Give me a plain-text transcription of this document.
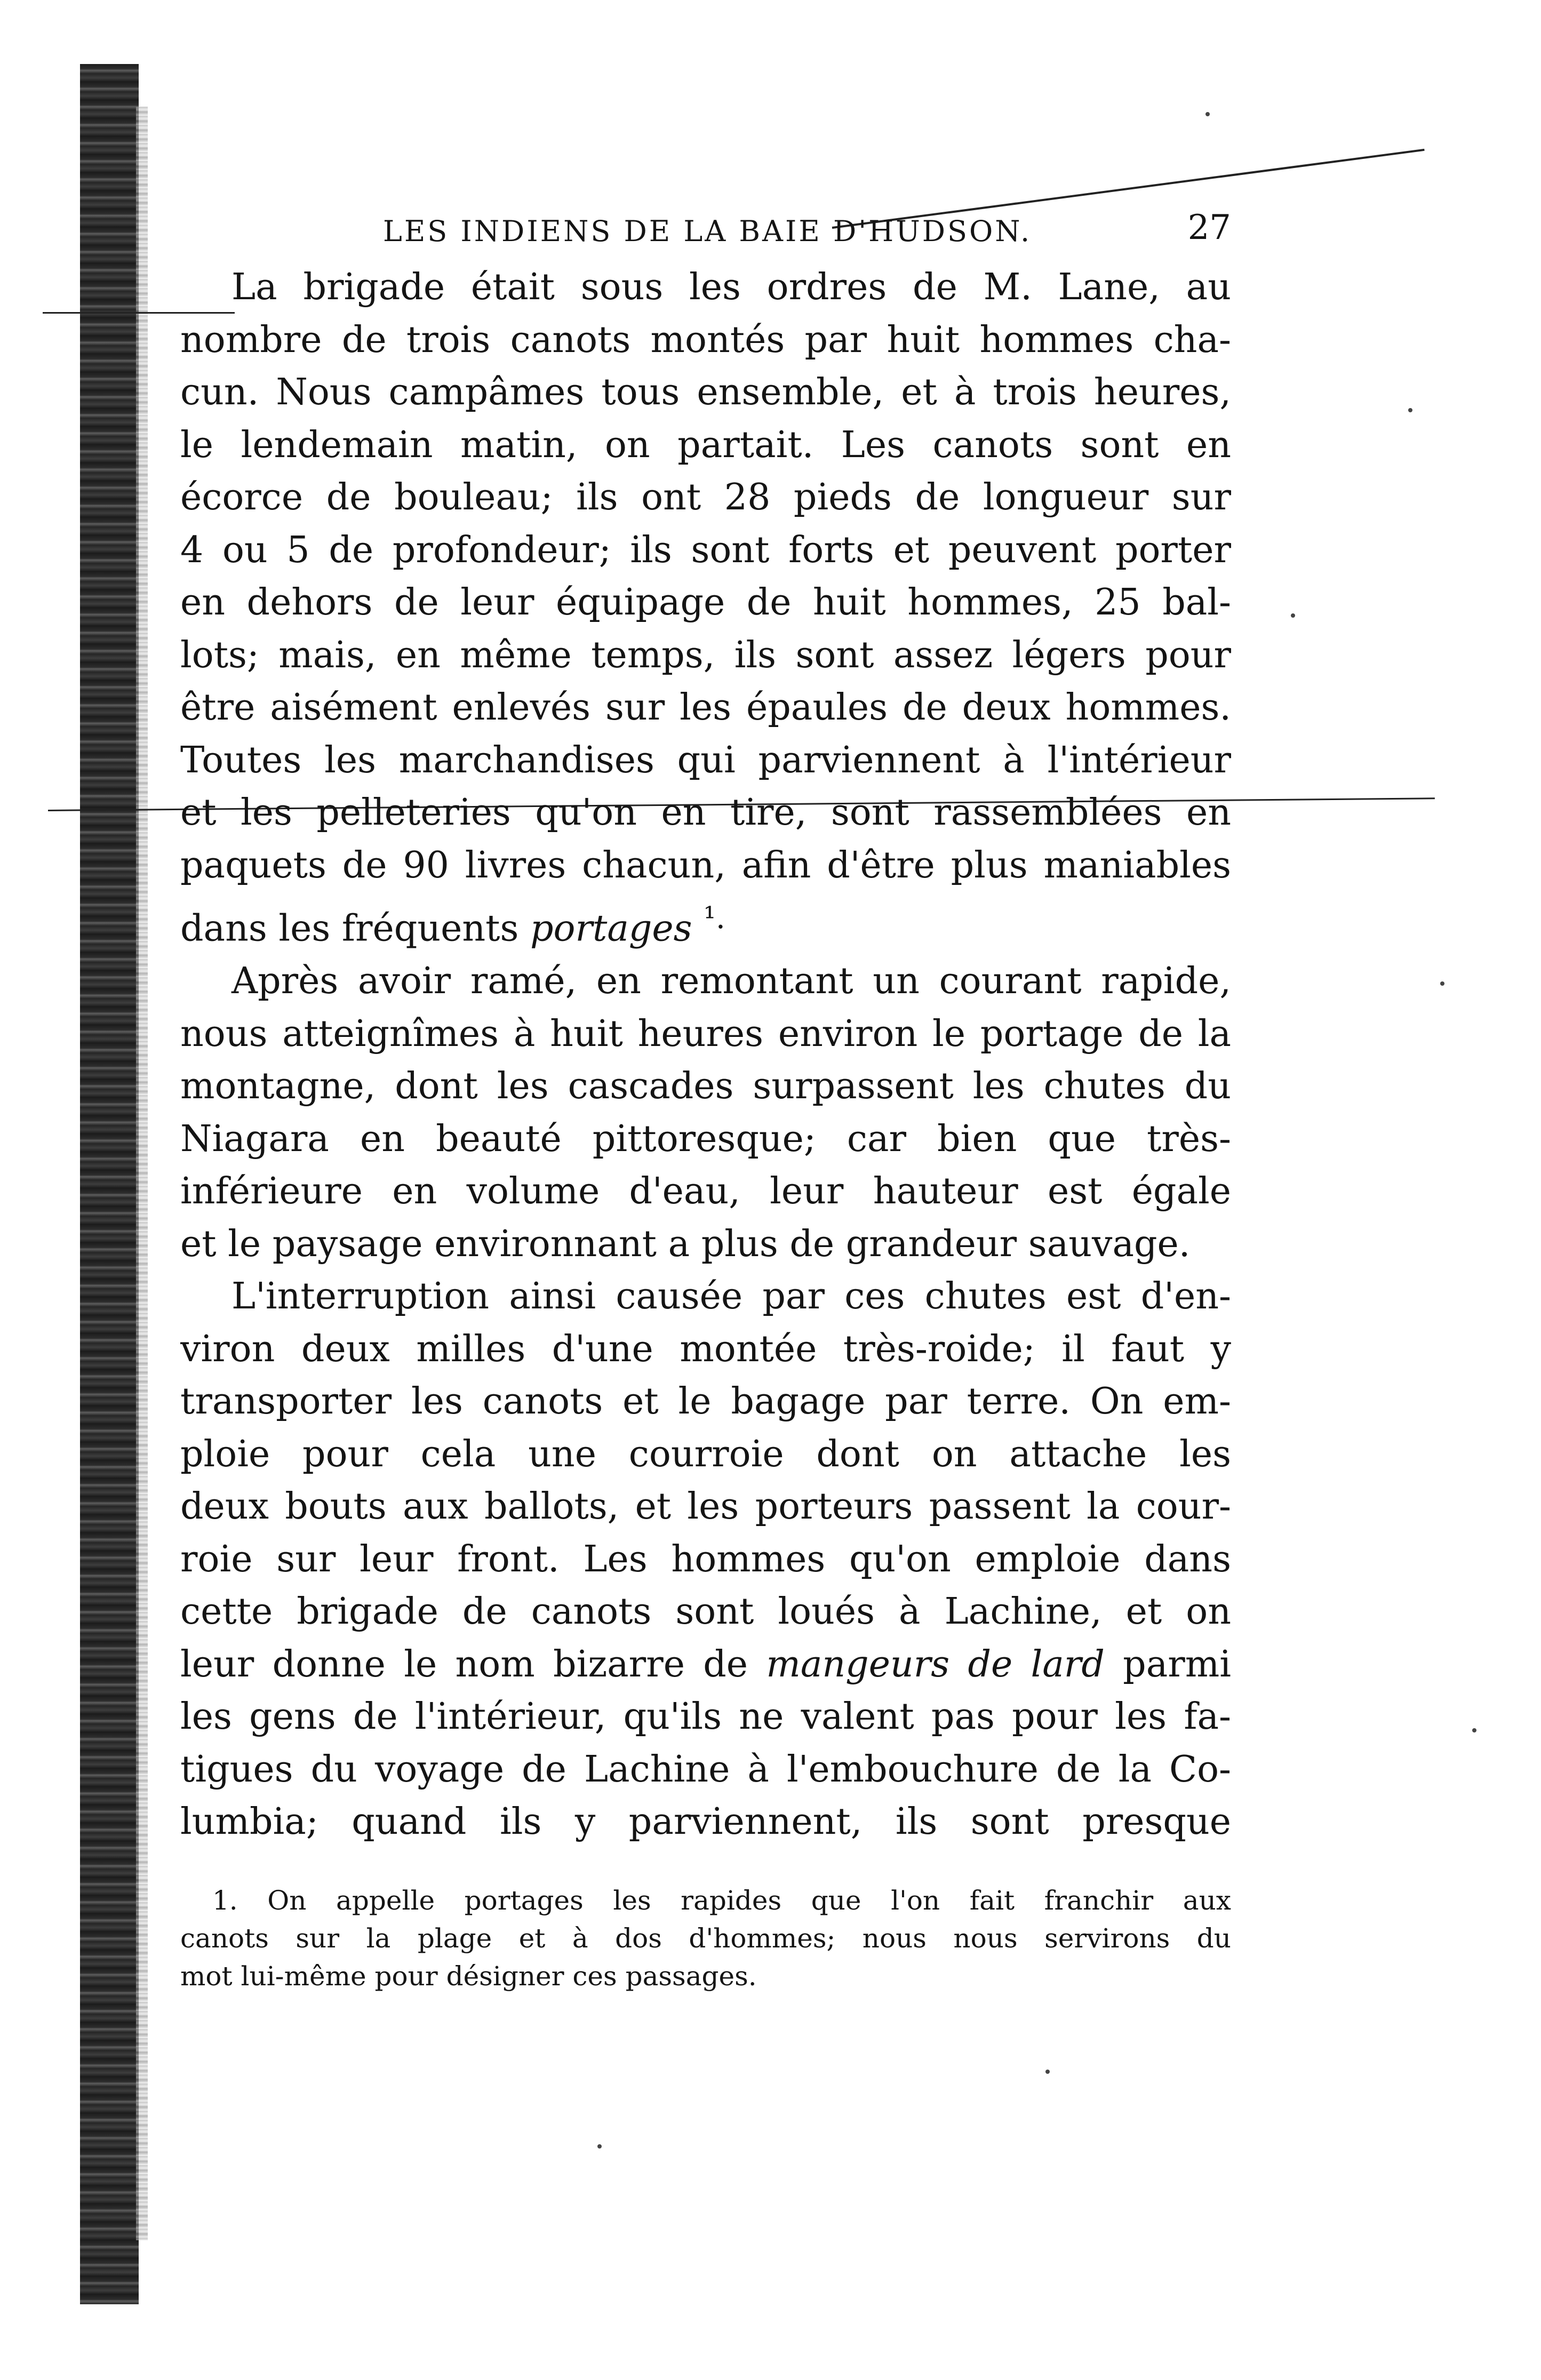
LES INDIENS DE LA BAIE D'HUDSON.	27

La brigade était sous les ordres de M. Lane, au
nombre de trois canots montés par huit hommes cha-
cun. Nous campâmes tous ensemble, et à trois heures,
le lendemain matin, on partait. Les canots sont en
écorce de bouleau; ils ont 28 pieds de longueur sur
4 ou 5 de profondeur; ils sont forts et peuvent porter
en dehors de leur équipage de huit hommes, 25 bal-
lots; mais, en même temps, ils sont assez légers pour
être aisément enlevés sur les épaules de deux hommes.
Toutes les marchandises qui parviennent à l'intérieur
et les pelleteries qu'on en tire, sont rassemblées en
paquets de 90 livres chacun, afin d'être plus maniables
dans les fréquents portages $^{^1.}$

Après avoir ramé, en remontant un courant rapide,
nous atteignîmes à huit heures environ le portage de la
montagne, dont les cascades surpassent les chutes du
Niagara en beauté pittoresque; car bien que très-
inférieure en volume d'eau, leur hauteur est égale
et le paysage environnant a plus de grandeur sauvage.

L'interruption ainsi causée par ces chutes est d'en-
viron deux milles d'une montée très-roide; il faut y
transporter les canots et le bagage par terre. On em-
ploie pour cela une courroie dont on attache les
deux bouts aux ballots, et les porteurs passent la cour-
roie sur leur front. Les hommes qu'on emploie dans
cette brigade de canots sont loués à Lachine, et on
leur donne le nom bizarre de mangeurs de lard parmi
les gens de l'intérieur, qu'ils ne valent pas pour les fa-
tigues du voyage de Lachine à l'embouchure de la Co-
lumbia; quand ils y parviennent, ils sont presque

1. On appelle portages les rapides que l'on fait franchir aux
canots sur la plage et à dos d'hommes; nous nous servirons du
mot lui-même pour désigner ces passages.
